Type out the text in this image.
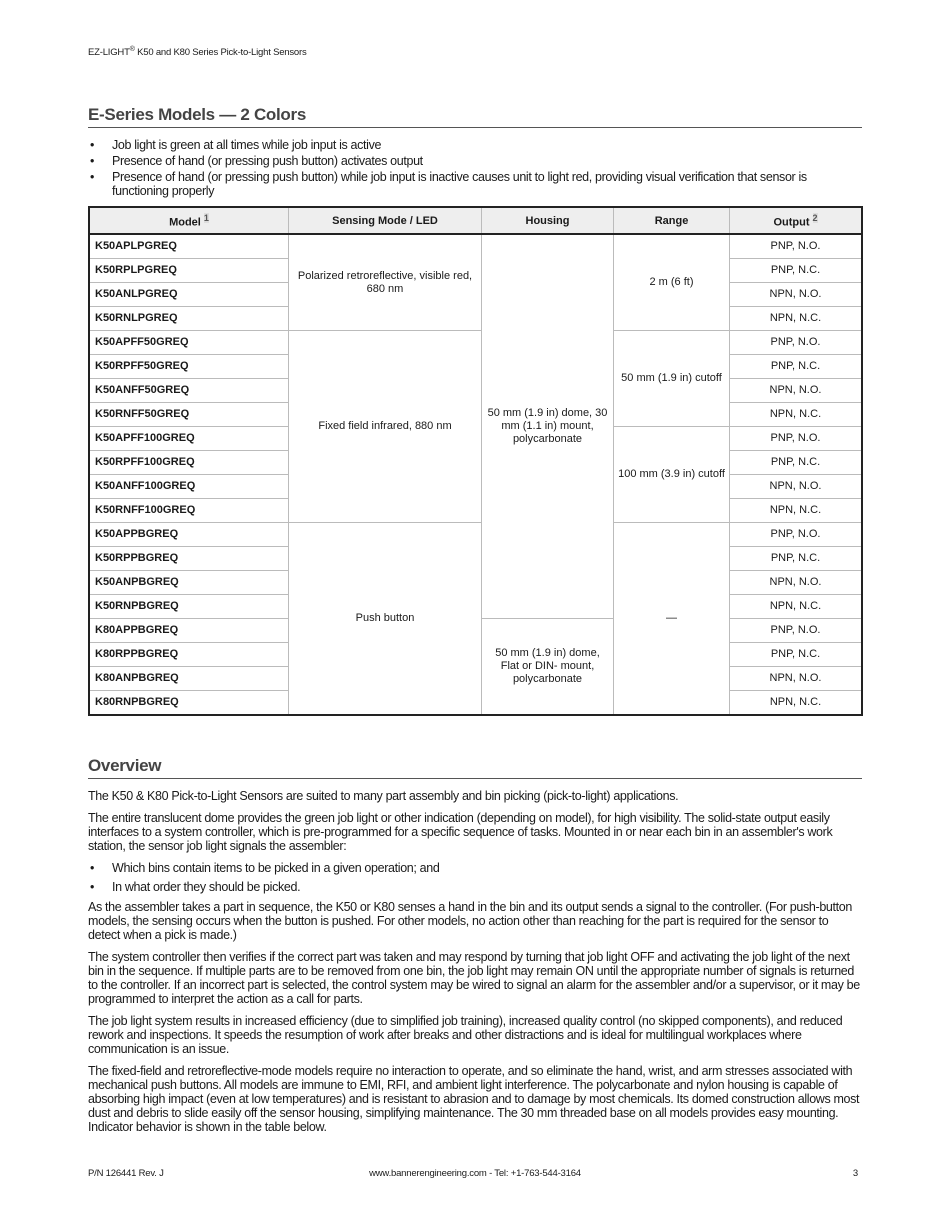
EZ-LIGHT® K50 and K80 Series Pick-to-Light Sensors
E-Series Models — 2 Colors
• Job light is green at all times while job input is active
• Presence of hand (or pressing push button) activates output
• Presence of hand (or pressing push button) while job input is inactive causes unit to light red, providing visual verification that sensor is functioning properly
Model $^1$	Sensing Mode / LED	Housing	Range	Output $^2$
K50APLPGREQ	Polarized retroreflective, visible red, 680 nm	50 mm (1.9 in) dome, 30 mm (1.1 in) mount, polycarbonate	2 m (6 ft)	PNP, N.O.
K50RPLPGREQ				PNP, N.C.
K50ANLPGREQ				NPN, N.O.
K50RNLPGREQ				NPN, N.C.
K50APFF50GREQ	Fixed field infrared, 880 nm		50 mm (1.9 in) cutoff	PNP, N.O.
K50RPFF50GREQ				PNP, N.C.
K50ANFF50GREQ				NPN, N.O.
K50RNFF50GREQ				NPN, N.C.
K50APFF100GREQ			100 mm (3.9 in) cutoff	PNP, N.O.
K50RPFF100GREQ				PNP, N.C.
K50ANFF100GREQ				NPN, N.O.
K50RNFF100GREQ				NPN, N.C.
K50APPBGREQ	Push button		—	PNP, N.O.
K50RPPBGREQ				PNP, N.C.
K50ANPBGREQ				NPN, N.O.
K50RNPBGREQ				NPN, N.C.
K80APPBGREQ		50 mm (1.9 in) dome, Flat or DIN- mount, polycarbonate		PNP, N.O.
K80RPPBGREQ				PNP, N.C.
K80ANPBGREQ				NPN, N.O.
K80RNPBGREQ				NPN, N.C.
Overview

The K50 & K80 Pick-to-Light Sensors are suited to many part assembly and bin picking (pick-to-light) applications.

The entire translucent dome provides the green job light or other indication (depending on model), for high visibility. The solid-state output easily interfaces to a system controller, which is pre-programmed for a specific sequence of tasks. Mounted in or near each bin in an assembler's work station, the sensor job light signals the assembler:

• Which bins contain items to be picked in a given operation; and
• In what order they should be picked.

As the assembler takes a part in sequence, the K50 or K80 senses a hand in the bin and its output sends a signal to the controller. (For push-button models, the sensing occurs when the button is pushed. For other models, no action other than reaching for the part is required for the sensor to detect when a pick is made.)

The system controller then verifies if the correct part was taken and may respond by turning that job light OFF and activating the job light of the next bin in the sequence. If multiple parts are to be removed from one bin, the job light may remain ON until the appropriate number of signals is returned to the controller. If an incorrect part is selected, the control system may be wired to signal an alarm for the assembler and/or a supervisor, or it may be programmed to interpret the action as a call for parts.

The job light system results in increased efficiency (due to simplified job training), increased quality control (no skipped components), and reduced rework and inspections. It speeds the resumption of work after breaks and other distractions and is ideal for multilingual workplaces where communication is an issue.

The fixed-field and retroreflective-mode models require no interaction to operate, and so eliminate the hand, wrist, and arm stresses associated with mechanical push buttons. All models are immune to EMI, RFI, and ambient light interference. The polycarbonate and nylon housing is capable of absorbing high impact (even at low temperatures) and is resistant to abrasion and to damage by most chemicals. Its domed construction allows most dust and debris to slide easily off the sensor housing, simplifying maintenance. The 30 mm threaded base on all models provides easy mounting. Indicator behavior is shown in the table below.

P/N 126441 Rev. J	www.bannerengineering.com - Tel: +1-763-544-3164	3
